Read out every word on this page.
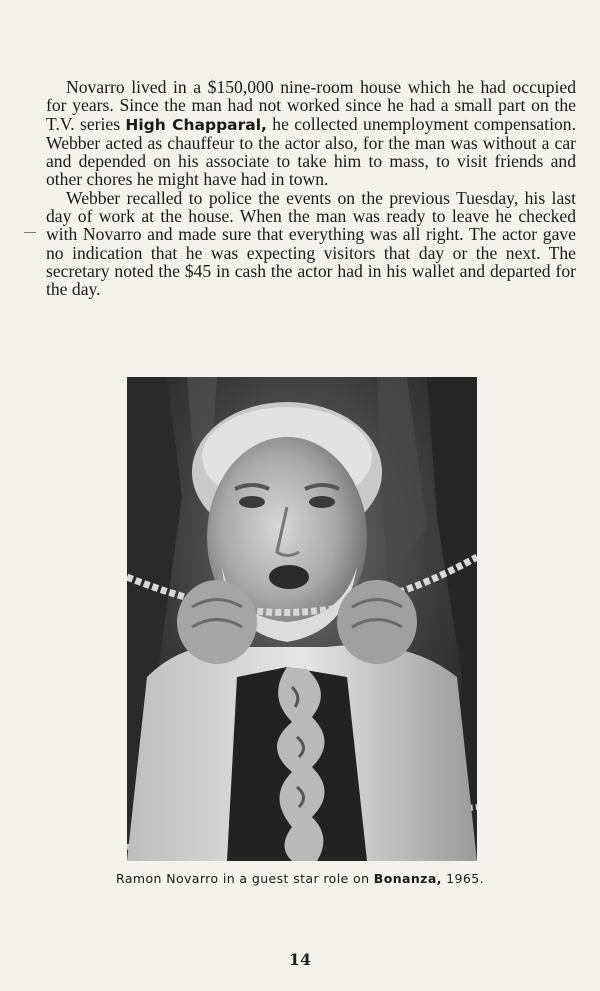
Novarro lived in a $150,000 nine-room house which he had occupied for years. Since the man had not worked since he had a small part on the T.V. series High Chapparal, he collected unemployment compensation. Webber acted as chauffeur to the actor also, for the man was without a car and depended on his associate to take him to mass, to visit friends and other chores he might have had in town.

Webber recalled to police the events on the previous Tuesday, his last day of work at the house. When the man was ready to leave he checked with Novarro and made sure that everything was all right. The actor gave no indication that he was expecting visitors that day or the next. The secretary noted the $45 in cash the actor had in his wallet and departed for the day.

Ramon Novarro in a guest star role on Bonanza, 1965.
14
